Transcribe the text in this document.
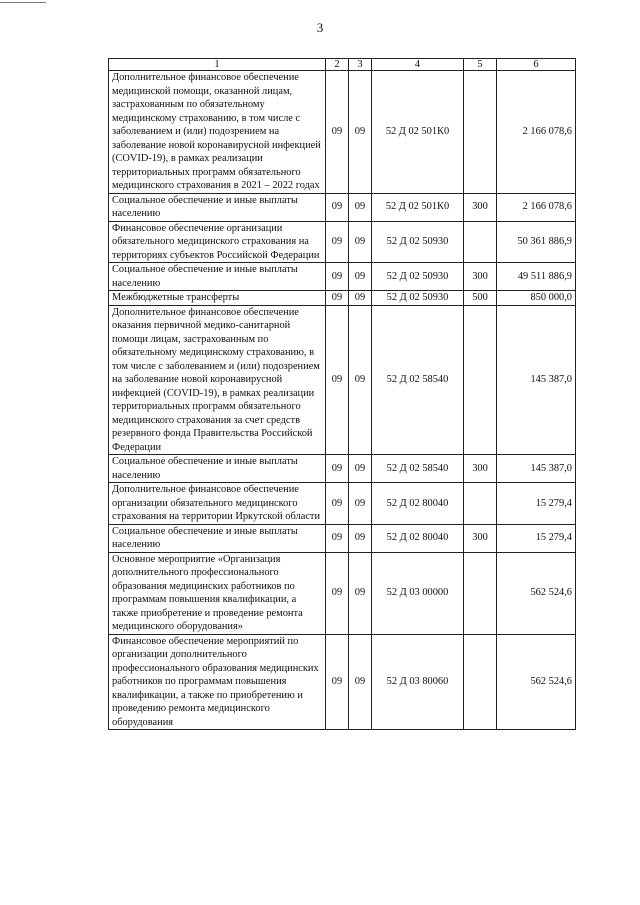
3
1	2	3	4	5	6
Дополнительное финансовое обеспечение медицинской помощи, оказанной лицам, застрахованным по обязательному медицинскому страхованию, в том числе с заболеванием и (или) подозрением на заболевание новой коронавирусной инфекцией (COVID-19), в рамках реализации территориальных программ обязательного медицинского страхования в 2021 – 2022 годах	09	09	52 Д 02 501К0		2 166 078,6
Социальное обеспечение и иные выплаты населению	09	09	52 Д 02 501К0	300	2 166 078,6
Финансовое обеспечение организации обязательного медицинского страхования на территориях субъектов Российской Федерации	09	09	52 Д 02 50930		50 361 886,9
Социальное обеспечение и иные выплаты населению	09	09	52 Д 02 50930	300	49 511 886,9
Межбюджетные трансферты	09	09	52 Д 02 50930	500	850 000,0
Дополнительное финансовое обеспечение оказания первичной медико-санитарной помощи лицам, застрахованным по обязательному медицинскому страхованию, в том числе с заболеванием и (или) подозрением на заболевание новой коронавирусной инфекцией (COVID-19), в рамках реализации территориальных программ обязательного медицинского страхования за счет средств резервного фонда Правительства Российской Федерации	09	09	52 Д 02 58540		145 387,0
Социальное обеспечение и иные выплаты населению	09	09	52 Д 02 58540	300	145 387,0
Дополнительное финансовое обеспечение организации обязательного медицинского страхования на территории Иркутской области	09	09	52 Д 02 80040		15 279,4
Социальное обеспечение и иные выплаты населению	09	09	52 Д 02 80040	300	15 279,4
Основное мероприятие «Организация дополнительного профессионального образования медицинских работников по программам повышения квалификации, а также приобретение и проведение ремонта медицинского оборудования»	09	09	52 Д 03 00000		562 524,6
Финансовое обеспечение мероприятий по организации дополнительного профессионального образования медицинских работников по программам повышения квалификации, а также по приобретению и проведению ремонта медицинского оборудования	09	09	52 Д 03 80060		562 524,6
